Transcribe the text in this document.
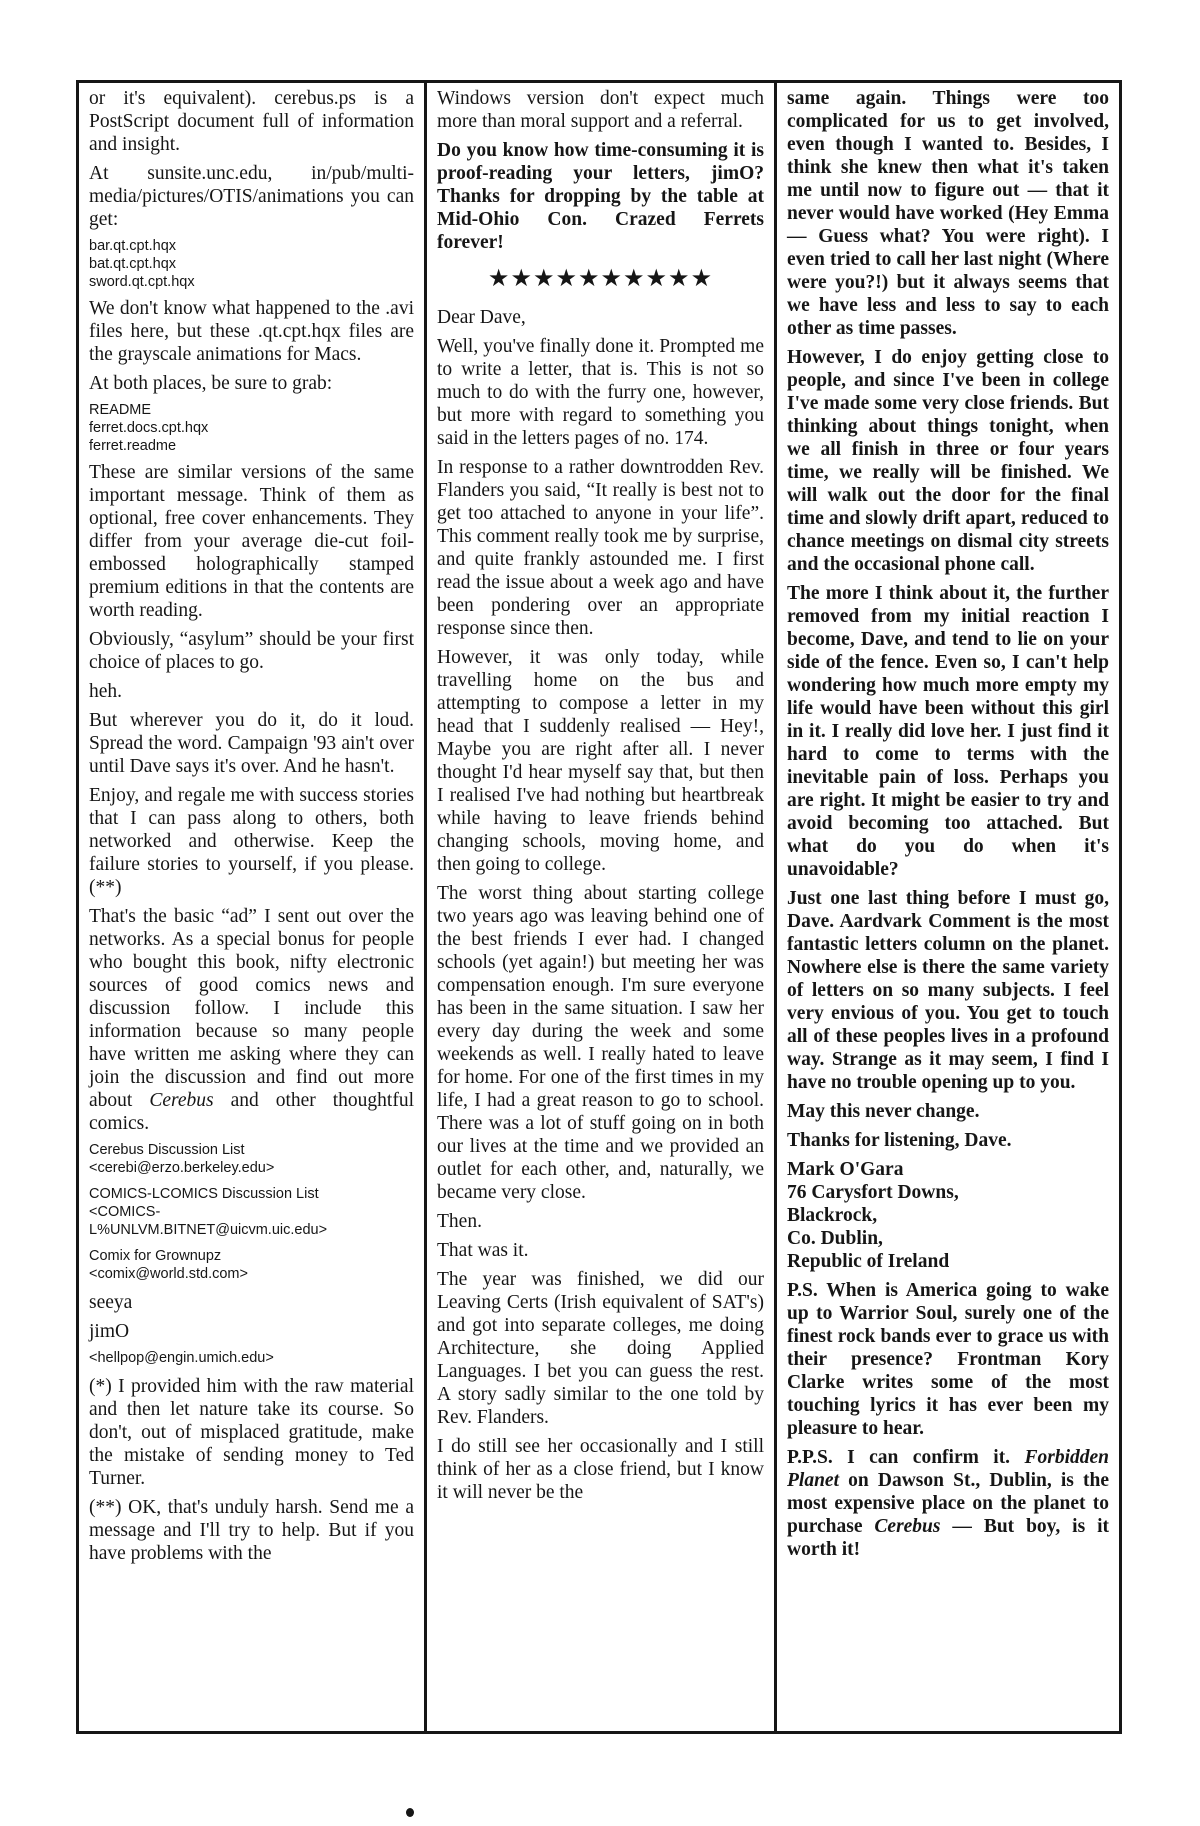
or it's equivalent). cerebus.ps is a PostScript document full of information and insight.

At sunsite.unc.edu, in/pub/multi-media/pictures/OTIS/animations you can get:

bar.qt.cpt.hqx
bat.qt.cpt.hqx
sword.qt.cpt.hqx

We don't know what happened to the .avi files here, but these .qt.cpt.hqx files are the grayscale animations for Macs.

At both places, be sure to grab:

README
ferret.docs.cpt.hqx
ferret.readme

These are similar versions of the same important message. Think of them as optional, free cover enhancements. They differ from your average die-cut foil-embossed holographically stamped premium editions in that the contents are worth reading.

Obviously, “asylum” should be your first choice of places to go.

heh.

But wherever you do it, do it loud. Spread the word. Campaign '93 ain't over until Dave says it's over. And he hasn't.

Enjoy, and regale me with success stories that I can pass along to others, both networked and otherwise. Keep the failure stories to yourself, if you please. (**)

That's the basic “ad” I sent out over the networks. As a special bonus for people who bought this book, nifty electronic sources of good comics news and discussion follow. I include this information because so many people have written me asking where they can join the discussion and find out more about Cerebus and other thoughtful comics.

Cerebus Discussion List
<cerebi@erzo.berkeley.edu>
COMICS-LCOMICS Discussion List
<COMICS-
L%UNLVM.BITNET@uicvm.uic.edu>
Comix for Grownupz
<comix@world.std.com>

seeya

jimO

<hellpop@engin.umich.edu>

(*) I provided him with the raw material and then let nature take its course. So don't, out of misplaced gratitude, make the mistake of sending money to Ted Turner.

(**) OK, that's unduly harsh. Send me a message and I'll try to help. But if you have problems with the

Windows version don't expect much more than moral support and a referral.

Do you know how time-consuming it is proof-reading your letters, jimO? Thanks for dropping by the table at Mid-Ohio Con. Crazed Ferrets forever!

★★★★★★★★★★

Dear Dave,

Well, you've finally done it. Prompted me to write a letter, that is. This is not so much to do with the furry one, however, but more with regard to something you said in the letters pages of no. 174.

In response to a rather downtrodden Rev. Flanders you said, “It really is best not to get too attached to anyone in your life”. This comment really took me by surprise, and quite frankly astounded me. I first read the issue about a week ago and have been pondering over an appropriate response since then.

However, it was only today, while travelling home on the bus and attempting to compose a letter in my head that I suddenly realised — Hey!, Maybe you are right after all. I never thought I'd hear myself say that, but then I realised I've had nothing but heartbreak while having to leave friends behind changing schools, moving home, and then going to college.

The worst thing about starting college two years ago was leaving behind one of the best friends I ever had. I changed schools (yet again!) but meeting her was compensation enough. I'm sure everyone has been in the same situation. I saw her every day during the week and some weekends as well. I really hated to leave for home. For one of the first times in my life, I had a great reason to go to school. There was a lot of stuff going on in both our lives at the time and we provided an outlet for each other, and, naturally, we became very close.

Then.

That was it.

The year was finished, we did our Leaving Certs (Irish equivalent of SAT's) and got into separate colleges, me doing Architecture, she doing Applied Languages. I bet you can guess the rest. A story sadly similar to the one told by Rev. Flanders.

I do still see her occasionally and I still think of her as a close friend, but I know it will never be the

same again. Things were too complicated for us to get involved, even though I wanted to. Besides, I think she knew then what it's taken me until now to figure out — that it never would have worked (Hey Emma — Guess what? You were right). I even tried to call her last night (Where were you?!) but it always seems that we have less and less to say to each other as time passes.

However, I do enjoy getting close to people, and since I've been in college I've made some very close friends. But thinking about things tonight, when we all finish in three or four years time, we really will be finished. We will walk out the door for the final time and slowly drift apart, reduced to chance meetings on dismal city streets and the occasional phone call.

The more I think about it, the further removed from my initial reaction I become, Dave, and tend to lie on your side of the fence. Even so, I can't help wondering how much more empty my life would have been without this girl in it. I really did love her. I just find it hard to come to terms with the inevitable pain of loss. Perhaps you are right. It might be easier to try and avoid becoming too attached. But what do you do when it's unavoidable?

Just one last thing before I must go, Dave. Aardvark Comment is the most fantastic letters column on the planet. Nowhere else is there the same variety of letters on so many subjects. I feel very envious of you. You get to touch all of these peoples lives in a profound way. Strange as it may seem, I find I have no trouble opening up to you.

May this never change.

Thanks for listening, Dave.

Mark O'Gara
76 Carysfort Downs,
Blackrock,
Co. Dublin,
Republic of Ireland

P.S. When is America going to wake up to Warrior Soul, surely one of the finest rock bands ever to grace us with their presence? Frontman Kory Clarke writes some of the most touching lyrics it has ever been my pleasure to hear.

P.P.S. I can confirm it. Forbidden Planet on Dawson St., Dublin, is the most expensive place on the planet to purchase Cerebus — But boy, is it worth it!
